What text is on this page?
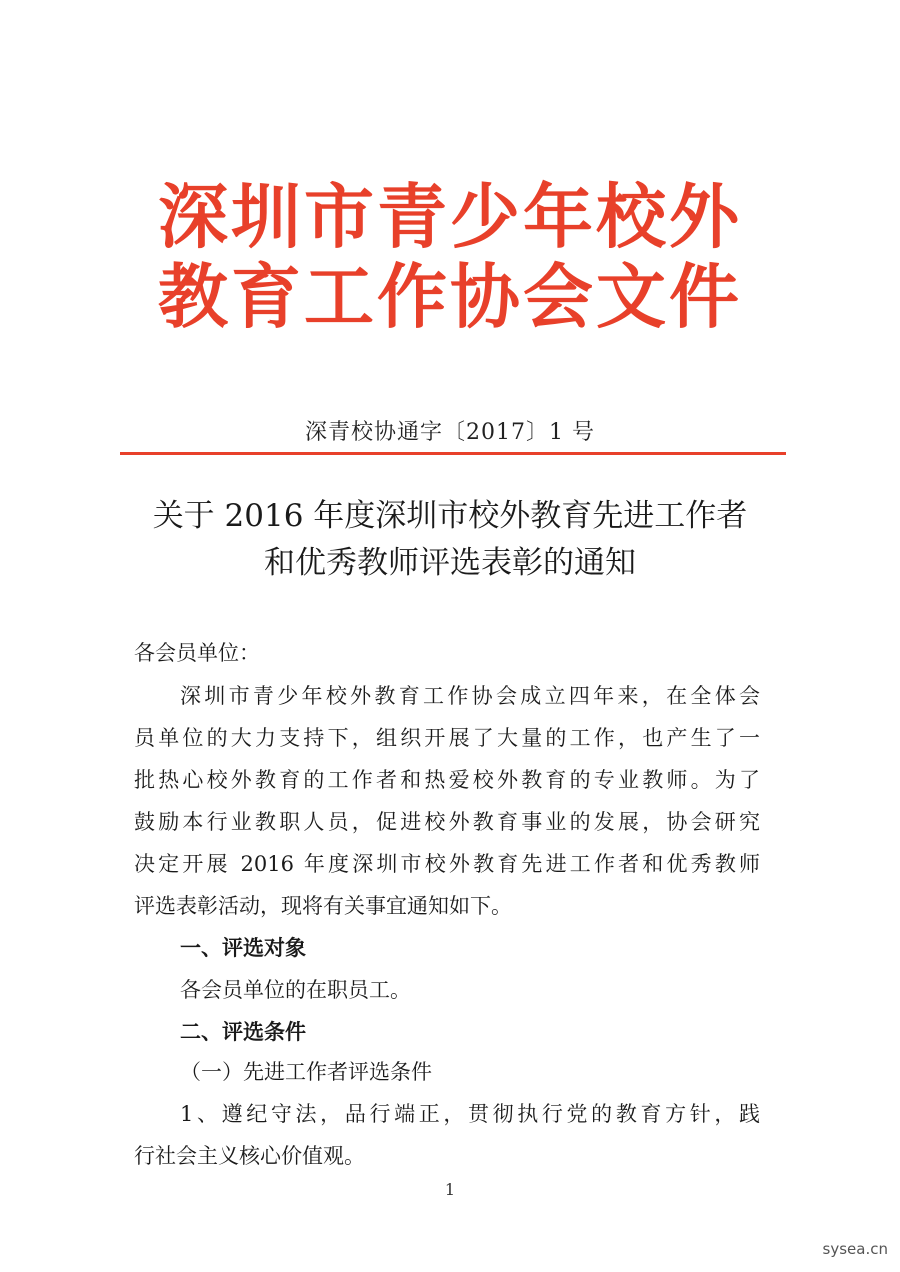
深圳市青少年校外
教育工作协会文件
深青校协通字〔2017〕1 号
关于 2016 年度深圳市校外教育先进工作者
和优秀教师评选表彰的通知
各会员单位：
深圳市青少年校外教育工作协会成立四年来，在全体会
员单位的大力支持下，组织开展了大量的工作，也产生了一
批热心校外教育的工作者和热爱校外教育的专业教师。为了
鼓励本行业教职人员，促进校外教育事业的发展，协会研究
决定开展 2016 年度深圳市校外教育先进工作者和优秀教师
评选表彰活动，现将有关事宜通知如下。
一、评选对象
各会员单位的在职员工。
二、评选条件
（一）先进工作者评选条件
1、遵纪守法，品行端正，贯彻执行党的教育方针，践
行社会主义核心价值观。
1
sysea.cn
